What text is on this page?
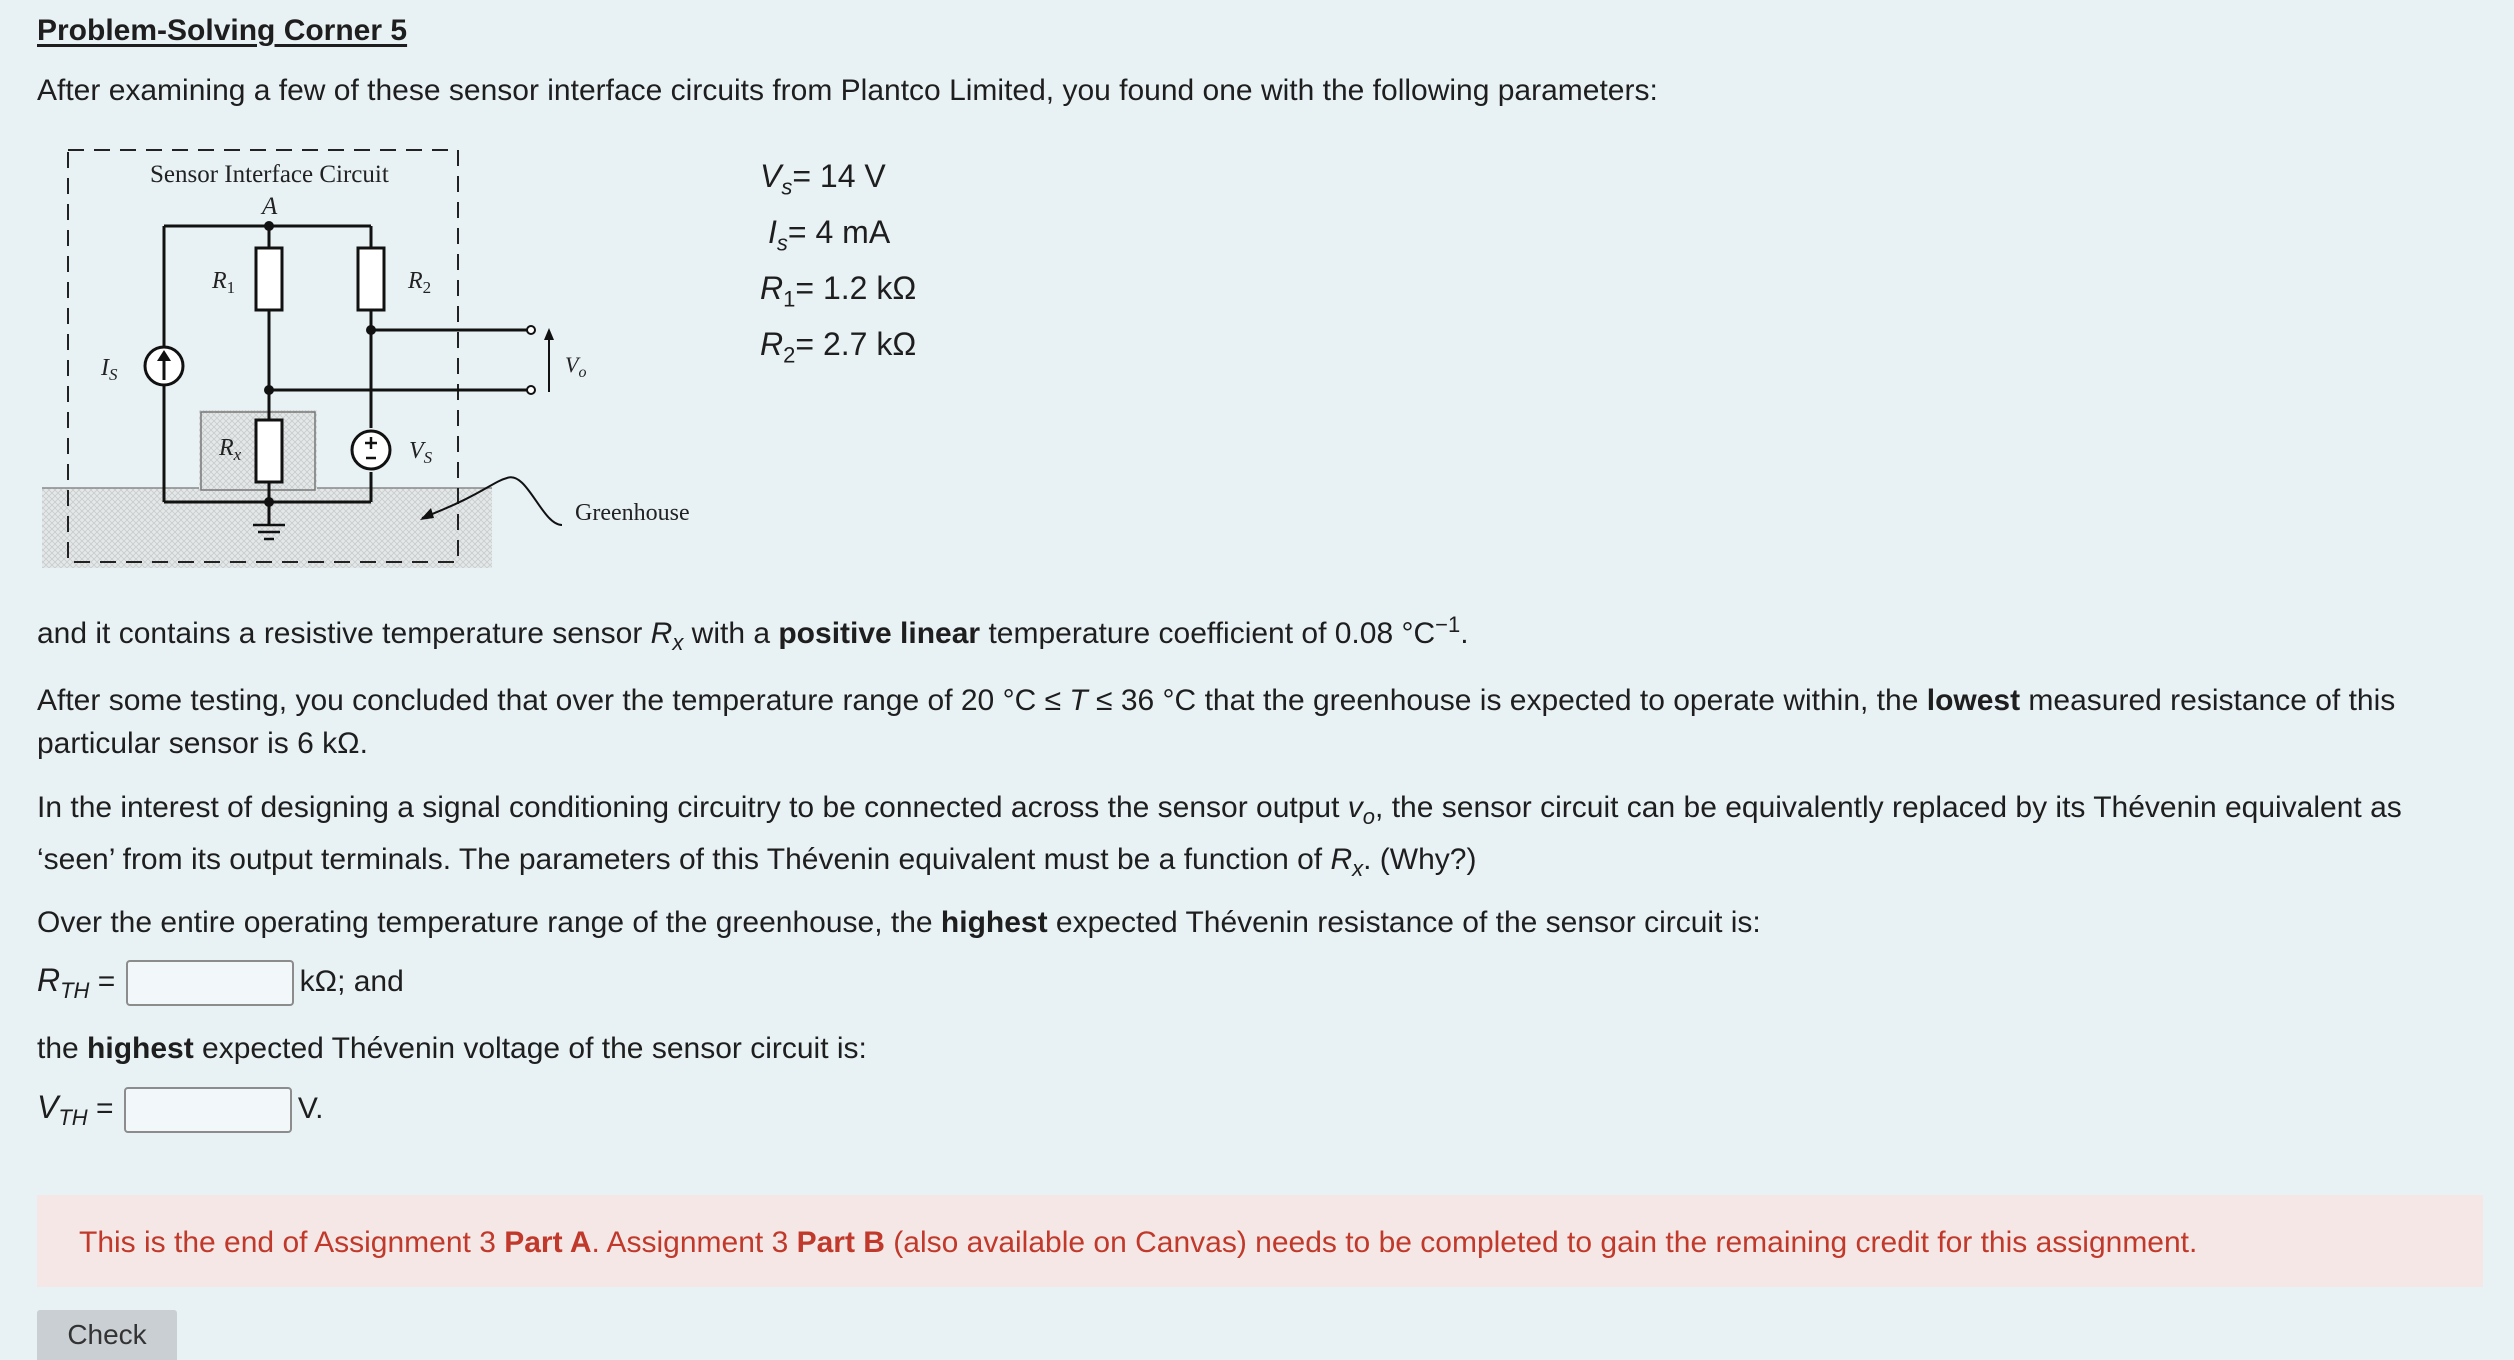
Problem-Solving Corner 5
After examining a few of these sensor interface circuits from Plantco Limited, you found one with the following parameters:
Sensor Interface Circuit
A
$R_1$	$R_2$
$R_x$
$I_S$
$V_S$
$V_o$
Greenhouse
$V_s= 14$ V
$I_s= 4$ mA
$R_1= 1.2$ kΩ
$R_2= 2.7$ kΩ
and it contains a resistive temperature sensor $R_x$ with a positive linear temperature coefficient of 0.08 $^\circ C^{-1}$.
After some testing, you concluded that over the temperature range of 20 °C ≤ T ≤ 36 °C that the greenhouse is expected to operate within, the lowest measured resistance of this particular sensor is 6 kΩ.
In the interest of designing a signal conditioning circuitry to be connected across the sensor output $v_o$, the sensor circuit can be equivalently replaced by its Thévenin equivalent as ‘seen’ from its output terminals. The parameters of this Thévenin equivalent must be a function of $R_x$. (Why?)
Over the entire operating temperature range of the greenhouse, the highest expected Thévenin resistance of the sensor circuit is:
$R_{TH}$ =	kΩ; and
the highest expected Thévenin voltage of the sensor circuit is:
$V_{TH}$ =	V.
This is the end of Assignment 3 Part A. Assignment 3 Part B (also available on Canvas) needs to be completed to gain the remaining credit for this assignment.
Check
